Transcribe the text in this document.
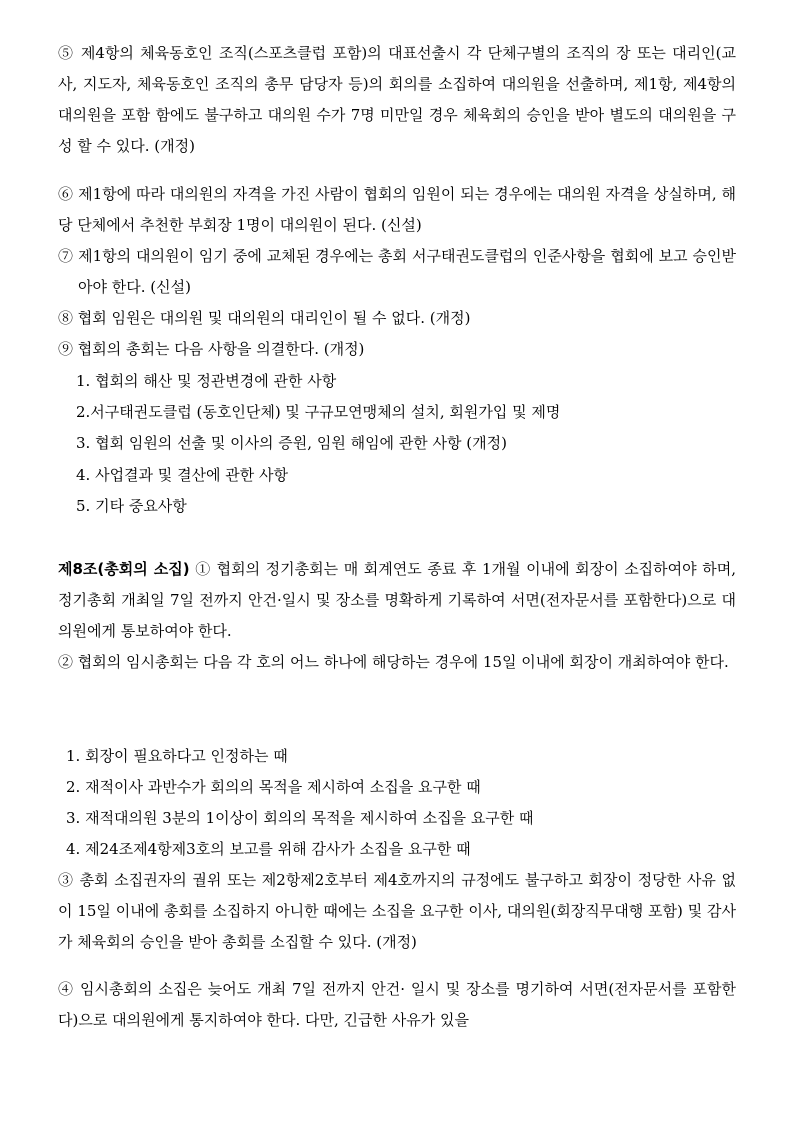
⑤ 제4항의 체육동호인 조직(스포츠클럽 포함)의 대표선출시 각 단체구별의 조직의 장 또는 대리인(교사, 지도자, 체육동호인 조직의 총무 담당자 등)의 회의를 소집하여 대의원을 선출하며, 제1항, 제4항의 대의원을 포함 함에도 불구하고 대의원 수가 7명 미만일 경우 체육회의 승인을 받아 별도의 대의원을 구성 할 수 있다. (개정)
⑥ 제1항에 따라 대의원의 자격을 가진 사람이 협회의 임원이 되는 경우에는 대의원 자격을 상실하며, 해당 단체에서 추천한 부회장 1명이 대의원이 된다. (신설)
⑦ 제1항의 대의원이 임기 중에 교체된 경우에는 총회 서구태권도클럽의 인준사항을 협회에 보고 승인받아야 한다. (신설)
⑧ 협회 임원은 대의원 및 대의원의 대리인이 될 수 없다. (개정)
⑨ 협회의 총회는 다음 사항을 의결한다. (개정)
1. 협회의 해산 및 정관변경에 관한 사항
2.서구태권도클럽 (동호인단체) 및 구규모연맹체의 설치, 회원가입 및 제명
3. 협회 임원의 선출 및 이사의 증원, 임원 해임에 관한 사항 (개정)
4. 사업결과 및 결산에 관한 사항
5. 기타 중요사항
제8조(총회의 소집) ① 협회의 정기총회는 매 회계연도 종료 후 1개월 이내에 회장이 소집하여야 하며, 정기총회 개최일 7일 전까지 안건·일시 및 장소를 명확하게 기록하여 서면(전자문서를 포함한다)으로 대의원에게 통보하여야 한다.
② 협회의 임시총회는 다음 각 호의 어느 하나에 해당하는 경우에 15일 이내에 회장이 개최하여야 한다.
1. 회장이 필요하다고 인정하는 때
2. 재적이사 과반수가 회의의 목적을 제시하여 소집을 요구한 때
3. 재적대의원 3분의 1이상이 회의의 목적을 제시하여 소집을 요구한 때
4. 제24조제4항제3호의 보고를 위해 감사가 소집을 요구한 때
③ 총회 소집권자의 궐위 또는 제2항제2호부터 제4호까지의 규정에도 불구하고 회장이 정당한 사유 없이 15일 이내에 총회를 소집하지 아니한 때에는 소집을 요구한 이사, 대의원(회장직무대행 포함) 및 감사가 체육회의 승인을 받아 총회를 소집할 수 있다. (개정)
④ 임시총회의 소집은 늦어도 개최 7일 전까지 안건· 일시 및 장소를 명기하여 서면(전자문서를 포함한다)으로 대의원에게 통지하여야 한다. 다만, 긴급한 사유가 있을
